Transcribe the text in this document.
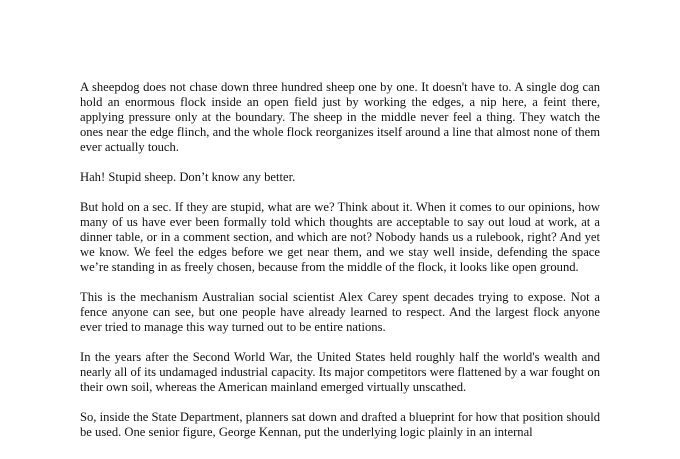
A sheepdog does not chase down three hundred sheep one by one. It doesn't have to. A single dog can hold an enormous flock inside an open field just by working the edges, a nip here, a feint there, applying pressure only at the boundary. The sheep in the middle never feel a thing. They watch the ones near the edge flinch, and the whole flock reorganizes itself around a line that almost none of them ever actually touch.

Hah! Stupid sheep. Don’t know any better.

But hold on a sec. If they are stupid, what are we? Think about it. When it comes to our opinions, how many of us have ever been formally told which thoughts are acceptable to say out loud at work, at a dinner table, or in a comment section, and which are not? Nobody hands us a rulebook, right? And yet we know. We feel the edges before we get near them, and we stay well inside, defending the space we’re standing in as freely chosen, because from the middle of the flock, it looks like open ground.

This is the mechanism Australian social scientist Alex Carey spent decades trying to expose. Not a fence anyone can see, but one people have already learned to respect. And the largest flock anyone ever tried to manage this way turned out to be entire nations.

In the years after the Second World War, the United States held roughly half the world's wealth and nearly all of its undamaged industrial capacity. Its major competitors were flattened by a war fought on their own soil, whereas the American mainland emerged virtually unscathed.

So, inside the State Department, planners sat down and drafted a blueprint for how that position should be used. One senior figure, George Kennan, put the underlying logic plainly in an internal
